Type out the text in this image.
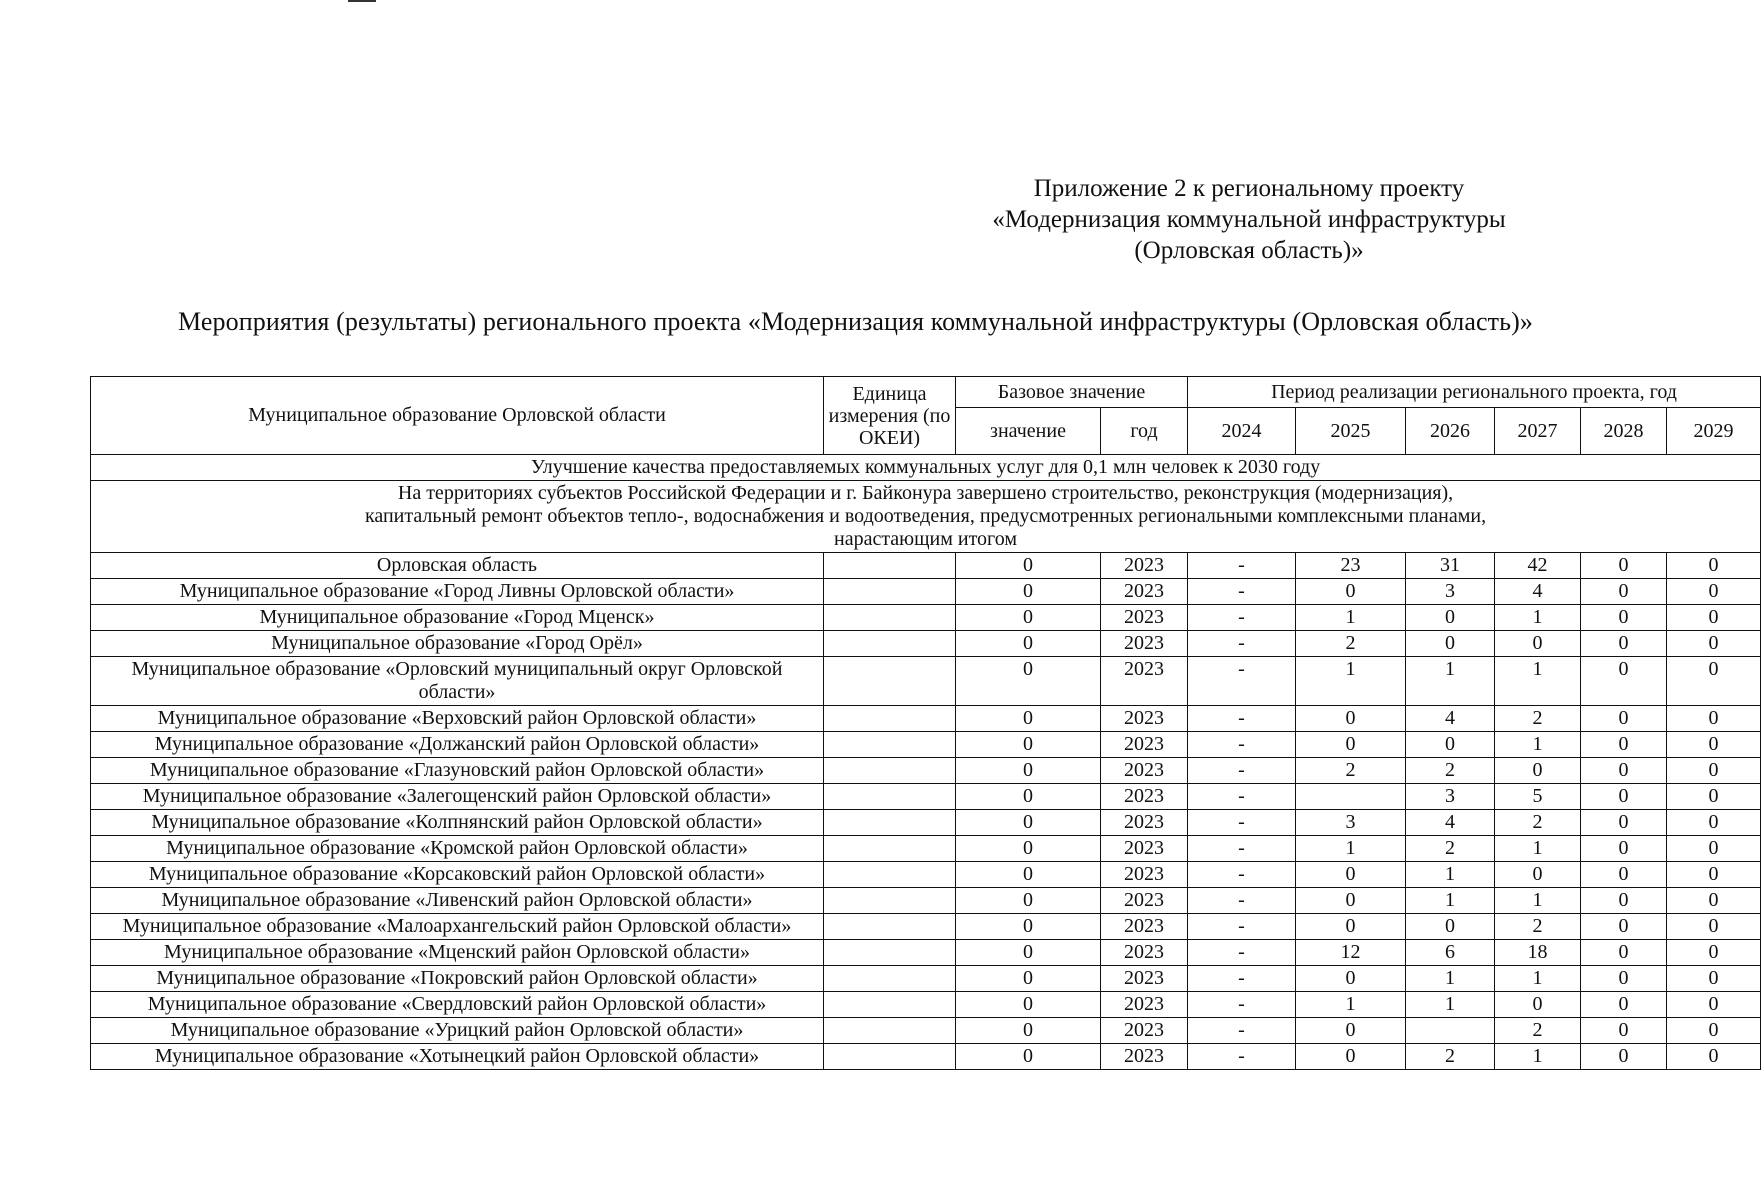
Приложение 2 к региональному проекту
«Модернизация коммунальной инфраструктуры
(Орловская область)»
Мероприятия (результаты) регионального проекта «Модернизация коммунальной инфраструктуры (Орловская область)»
Муниципальное образование Орловской области	Единица измерения (по ОКЕИ)	Базовое значение		Период реализации регионального проекта, год					
		значение	год	2024	2025	2026	2027	2028	2029
Улучшение качества предоставляемых коммунальных услуг для 0,1 млн человек к 2030 году									

На территориях субъектов Российской Федерации и г. Байконура завершено строительство, реконструкция (модернизация),
капитальный ремонт объектов тепло-, водоснабжения и водоотведения, предусмотренных региональными комплексными планами,
нарастающим итогом									

Орловская область		0	2023	-	23	31	42	0	0
Муниципальное образование «Город Ливны Орловской области»		0	2023	-	0	3	4	0	0
Муниципальное образование «Город Мценск»		0	2023	-	1	0	1	0	0
Муниципальное образование «Город Орёл»		0	2023	-	2	0	0	0	0
Муниципальное образование «Орловский муниципальный округ Орловской области»		0	2023	-	1	1	1	0	0
Муниципальное образование «Верховский район Орловской области»		0	2023	-	0	4	2	0	0
Муниципальное образование «Должанский район Орловской области»		0	2023	-	0	0	1	0	0
Муниципальное образование «Глазуновский район Орловской области»		0	2023	-	2	2	0	0	0
Муниципальное образование «Залегощенский район Орловской области»		0	2023	-		3	5	0	0
Муниципальное образование «Колпнянский район Орловской области»		0	2023	-	3	4	2	0	0
Муниципальное образование «Кромской район Орловской области»		0	2023	-	1	2	1	0	0
Муниципальное образование «Корсаковский район Орловской области»		0	2023	-	0	1	0	0	0
Муниципальное образование «Ливенский район Орловской области»		0	2023	-	0	1	1	0	0
Муниципальное образование «Малоархангельский район Орловской области»		0	2023	-	0	0	2	0	0
Муниципальное образование «Мценский район Орловской области»		0	2023	-	12	6	18	0	0
Муниципальное образование «Покровский район Орловской области»		0	2023	-	0	1	1	0	0
Муниципальное образование «Свердловский район Орловской области»		0	2023	-	1	1	0	0	0
Муниципальное образование «Урицкий район Орловской области»		0	2023	-	0		2	0	0
Муниципальное образование «Хотынецкий район Орловской области»		0	2023	-	0	2	1	0	0
